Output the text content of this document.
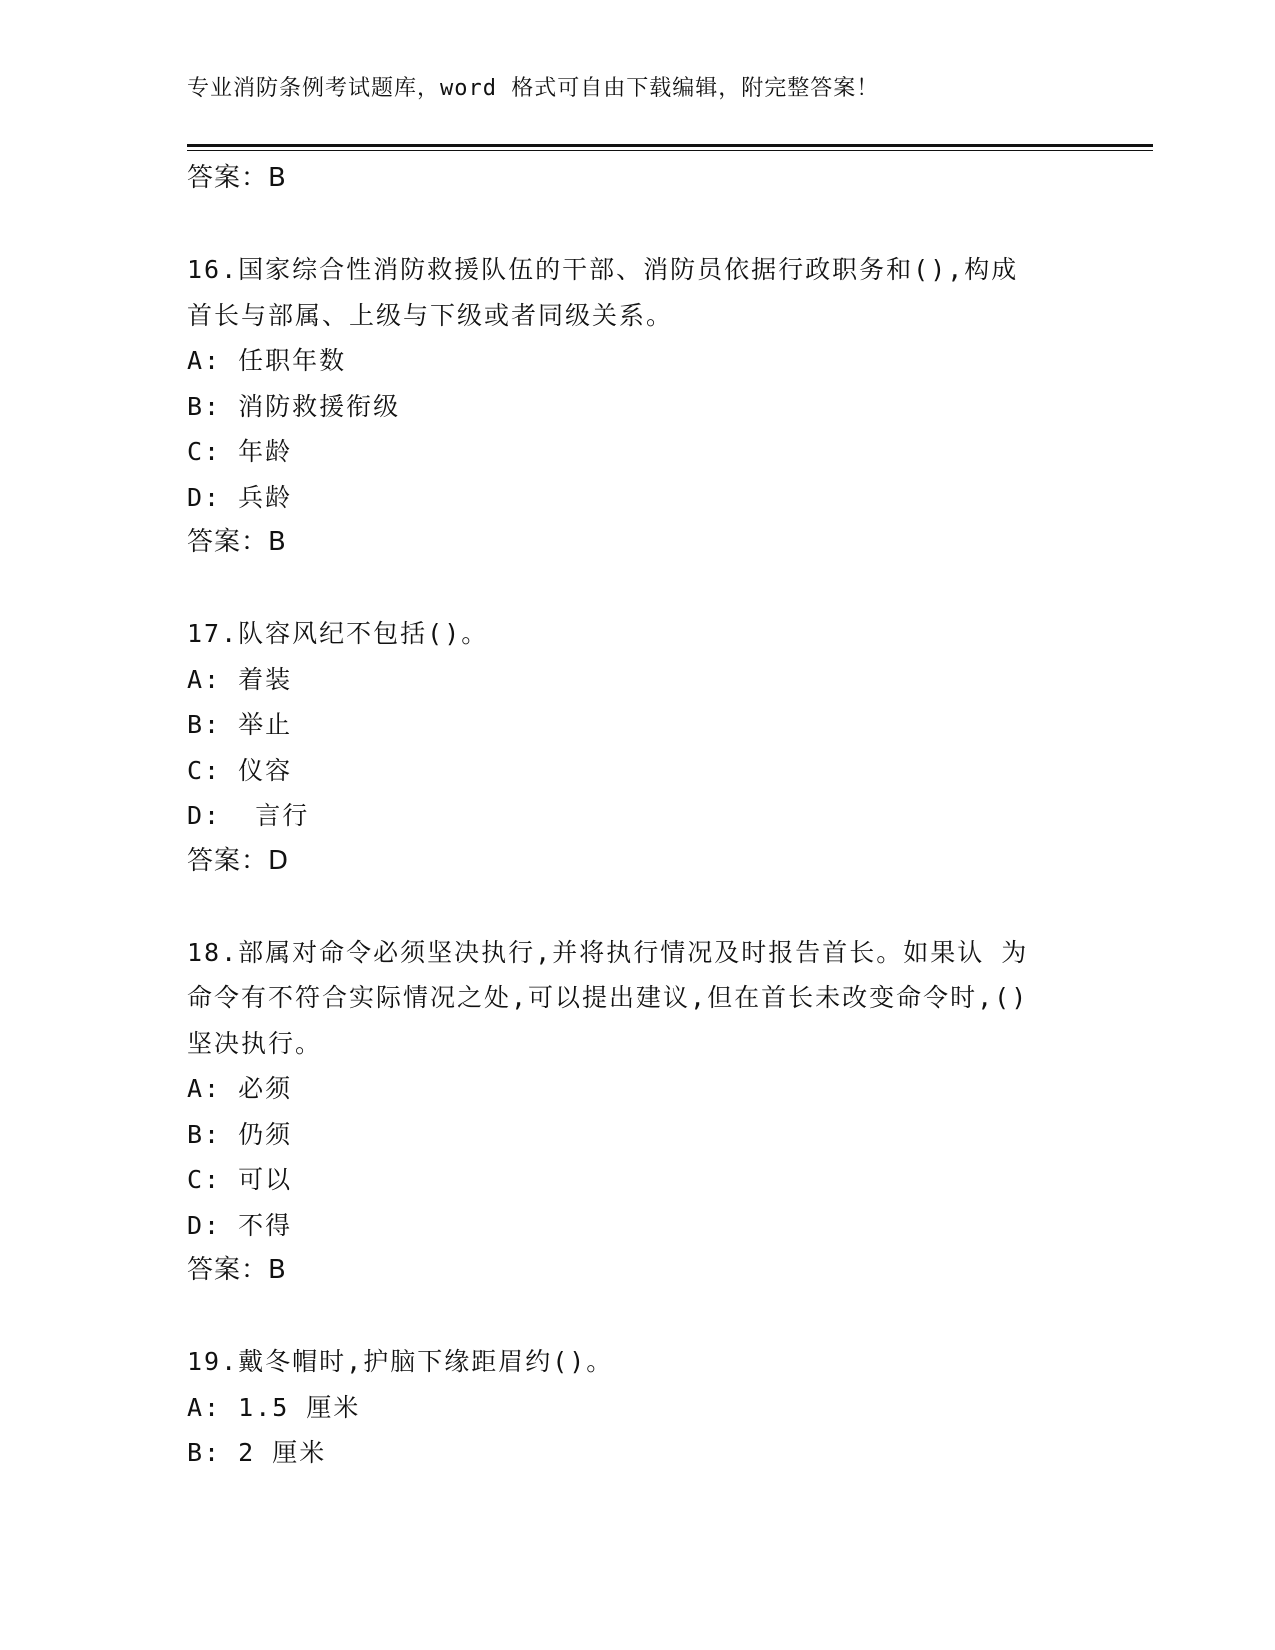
专业消防条例考试题库，word 格式可自由下载编辑，附完整答案！
答案：B
16.国家综合性消防救援队伍的干部、消防员依据行政职务和(),构成
首长与部属、上级与下级或者同级关系。
A: 任职年数
B: 消防救援衔级
C: 年龄
D: 兵龄
答案：B
17.队容风纪不包括()。
A: 着装
B: 举止
C: 仪容
D:  言行
答案：D
18.部属对命令必须坚决执行,并将执行情况及时报告首长。如果认 为
命令有不符合实际情况之处,可以提出建议,但在首长未改变命令时,()
坚决执行。
A: 必须
B: 仍须
C: 可以
D: 不得
答案：B
19.戴冬帽时,护脑下缘距眉约()。
A: 1.5 厘米
B: 2 厘米
